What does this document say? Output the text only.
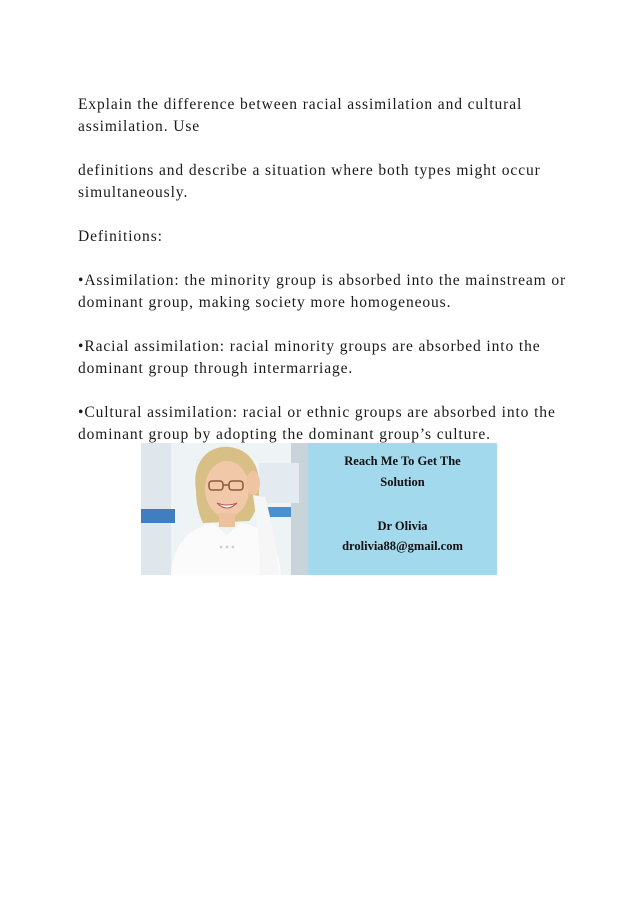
Explain the difference between racial assimilation and cultural assimilation. Use

definitions and describe a situation where both types might occur simultaneously.

Definitions:

•Assimilation: the minority group is absorbed into the mainstream or dominant group, making society more homogeneous.

•Racial assimilation: racial minority groups are absorbed into the dominant group through intermarriage.

•Cultural assimilation: racial or ethnic groups are absorbed into the dominant group by adopting the dominant group’s culture.

Reach Me To Get The
Solution
Dr Olivia
drolivia88@gmail.com
